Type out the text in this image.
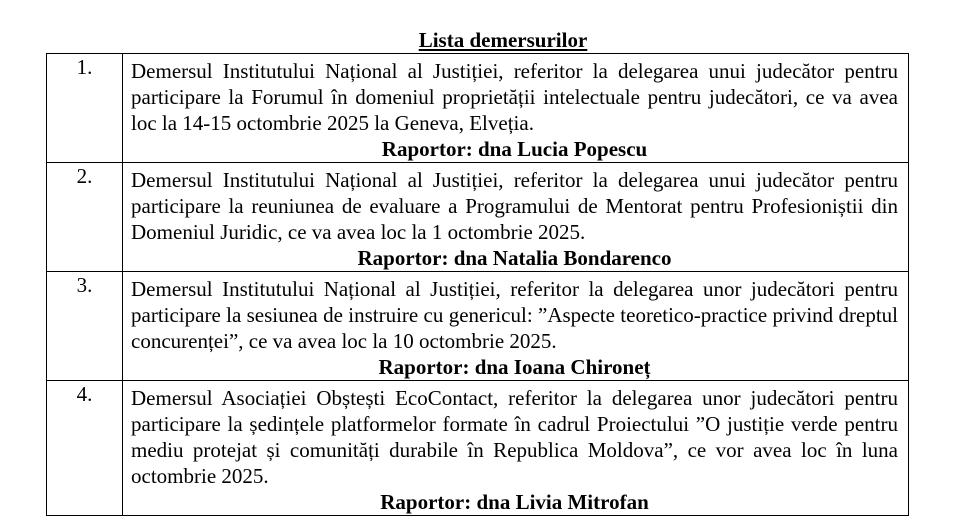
Lista demersurilor
1.	Demersul Institutului Național al Justiției, referitor la delegarea unui judecător pentru participare la Forumul în domeniul proprietății intelectuale pentru judecători, ce va avea loc la 14-15 octombrie 2025 la Geneva, Elveția.
Raportor: dna Lucia Popescu

2.	Demersul Institutului Național al Justiției, referitor la delegarea unui judecător pentru participare la reuniunea de evaluare a Programului de Mentorat pentru Profesioniștii din Domeniul Juridic, ce va avea loc la 1 octombrie 2025.
Raportor: dna Natalia Bondarenco

3.	Demersul Institutului Național al Justiției, referitor la delegarea unor judecători pentru participare la sesiunea de instruire cu genericul: ”Aspecte teoretico-practice privind dreptul concurenței”, ce va avea loc la 10 octombrie 2025.
Raportor: dna Ioana Chironeț

4.	Demersul Asociației Obștești EcoContact, referitor la delegarea unor judecători pentru participare la ședințele platformelor formate în cadrul Proiectului ”O justiție verde pentru mediu protejat și comunități durabile în Republica Moldova”, ce vor avea loc în luna octombrie 2025.
Raportor: dna Livia Mitrofan
